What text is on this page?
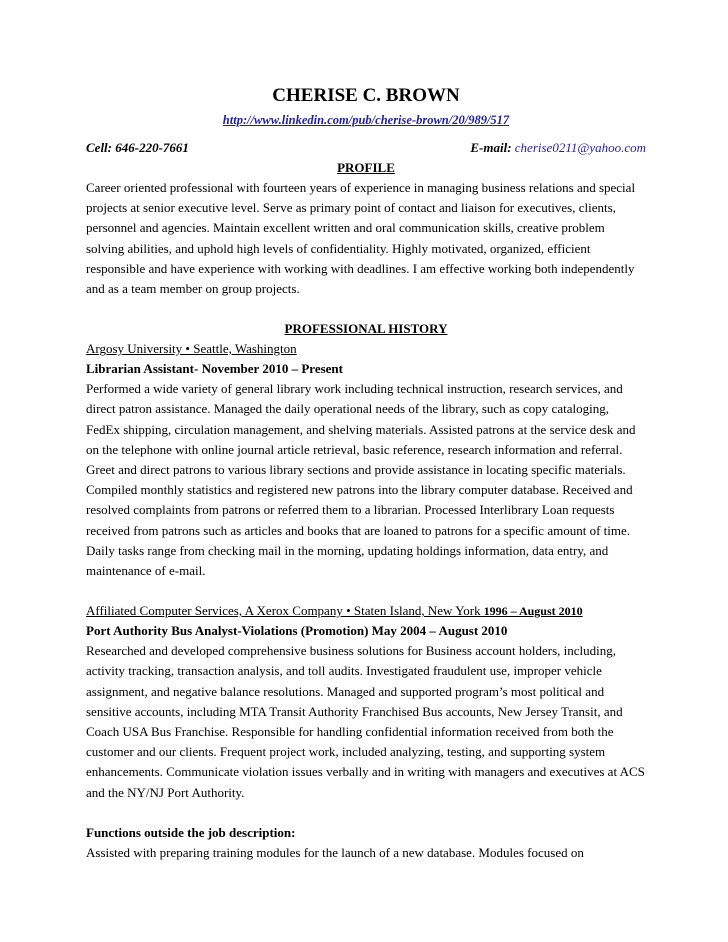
CHERISE C. BROWN
http://www.linkedin.com/pub/cherise-brown/20/989/517
Cell: 646-220-7661	E-mail: cherise0211@yahoo.com
PROFILE

Career oriented professional with fourteen years of experience in managing business relations and special projects at senior executive level. Serve as primary point of contact and liaison for executives, clients, personnel and agencies. Maintain excellent written and oral communication skills, creative problem solving abilities, and uphold high levels of confidentiality. Highly motivated, organized, efficient responsible and have experience with working with deadlines. I am effective working both independently and as a team member on group projects.

PROFESSIONAL HISTORY
Argosy University • Seattle, Washington
Librarian Assistant- November 2010 – Present

Performed a wide variety of general library work including technical instruction, research services, and direct patron assistance. Managed the daily operational needs of the library, such as copy cataloging, FedEx shipping, circulation management, and shelving materials. Assisted patrons at the service desk and on the telephone with online journal article retrieval, basic reference, research information and referral. Greet and direct patrons to various library sections and provide assistance in locating specific materials. Compiled monthly statistics and registered new patrons into the library computer database. Received and resolved complaints from patrons or referred them to a librarian. Processed Interlibrary Loan requests received from patrons such as articles and books that are loaned to patrons for a specific amount of time. Daily tasks range from checking mail in the morning, updating holdings information, data entry, and maintenance of e-mail.

Affiliated Computer Services, A Xerox Company • Staten Island, New York 1996 – August 2010
Port Authority Bus Analyst-Violations (Promotion) May 2004 – August 2010

Researched and developed comprehensive business solutions for Business account holders, including, activity tracking, transaction analysis, and toll audits. Investigated fraudulent use, improper vehicle assignment, and negative balance resolutions. Managed and supported program’s most political and sensitive accounts, including MTA Transit Authority Franchised Bus accounts, New Jersey Transit, and Coach USA Bus Franchise. Responsible for handling confidential information received from both the customer and our clients. Frequent project work, included analyzing, testing, and supporting system enhancements. Communicate violation issues verbally and in writing with managers and executives at ACS and the NY/NJ Port Authority.

Functions outside the job description:

Assisted with preparing training modules for the launch of a new database. Modules focused on
